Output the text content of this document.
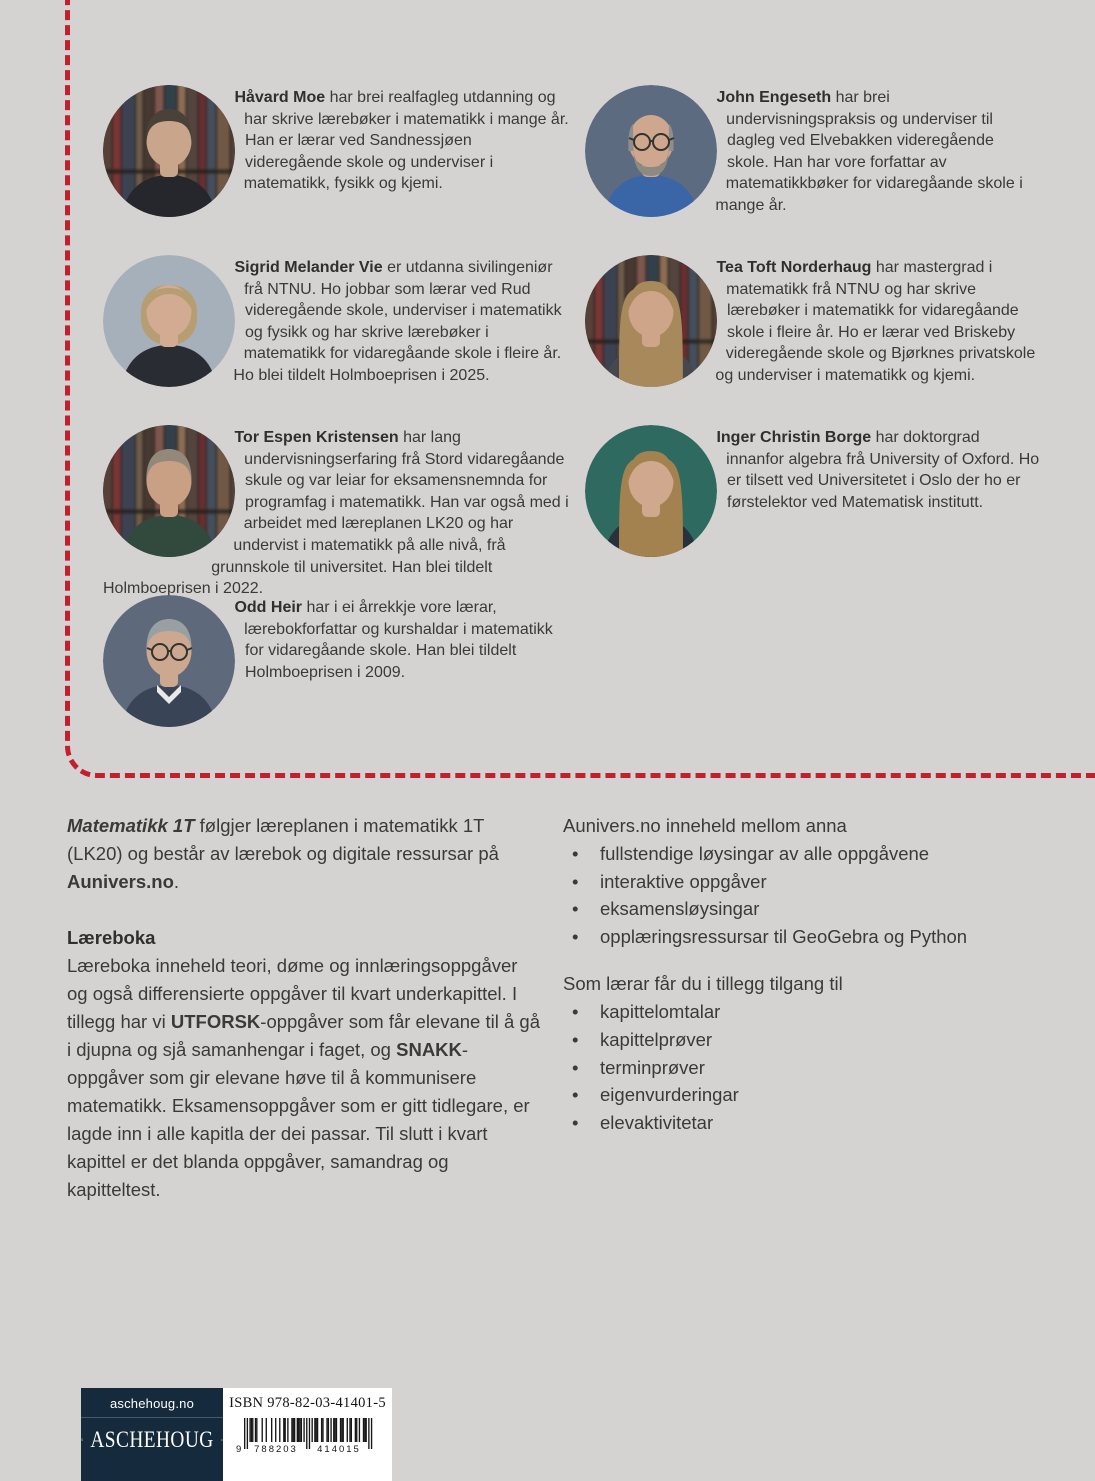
Håvard Moe har brei realfagleg utdanning og har skrive lærebøker i matematikk i mange år. Han er lærar ved Sandnessjøen videregående skole og underviser i matematikk, fysikk og kjemi.

John Engeseth har brei undervisningspraksis og underviser til dagleg ved Elvebakken videregående skole. Han har vore forfattar av matematikkbøker for vidaregåande skole i mange år.

Sigrid Melander Vie er utdanna sivilingeniør frå NTNU. Ho jobbar som lærar ved Rud videregående skole, underviser i matematikk og fysikk og har skrive lærebøker i matematikk for vidaregåande skole i fleire år. Ho blei tildelt Holmboeprisen i 2025.

Tea Toft Norderhaug har mastergrad i matematikk frå NTNU og har skrive lærebøker i matematikk for vidaregåande skole i fleire år. Ho er lærar ved Briskeby videregående skole og Bjørknes privatskole og underviser i matematikk og kjemi.

Tor Espen Kristensen har lang undervisningserfaring frå Stord vidaregåande skule og var leiar for eksamensnemnda for programfag i matematikk. Han var også med i arbeidet med læreplanen LK20 og har undervist i matematikk på alle nivå, frå grunnskole til universitet. Han blei tildelt Holmboeprisen i 2022.

Inger Christin Borge har doktorgrad innanfor algebra frå University of Oxford. Ho er tilsett ved Universitetet i Oslo der ho er førstelektor ved Matematisk institutt.

Odd Heir har i ei årrekkje vore lærar, lærebokforfattar og kurshaldar i matematikk for vidaregåande skole. Han blei tildelt Holmboeprisen i 2009.

Matematikk 1T følgjer læreplanen i matematikk 1T (LK20) og består av lærebok og digitale ressursar på Aunivers.no.

Læreboka

Læreboka inneheld teori, døme og innlæringsoppgåver og også differensierte oppgåver til kvart underkapittel. I tillegg har vi UTFORSK-oppgåver som får elevane til å gå i djupna og sjå samanhengar i faget, og SNAKK-oppgåver som gir elevane høve til å kommunisere matematikk. Eksamensoppgåver som er gitt tidlegare, er lagde inn i alle kapitla der dei passar. Til slutt i kvart kapittel er det blanda oppgåver, samandrag og kapitteltest.

Aunivers.no inneheld mellom anna

•	fullstendige løysingar av alle oppgåvene
•	interaktive oppgåver
•	eksamensløysingar
•	opplæringsressursar til GeoGebra og Python

Som lærar får du i tillegg tilgang til

•	kapittelomtalar
•	kapittelprøver
•	terminprøver
•	eigenvurderingar
•	elevaktivitetar
aschehoug.no
ASCHEHOUG
ISBN 978-82-03-41401-5
9 788203 414015
